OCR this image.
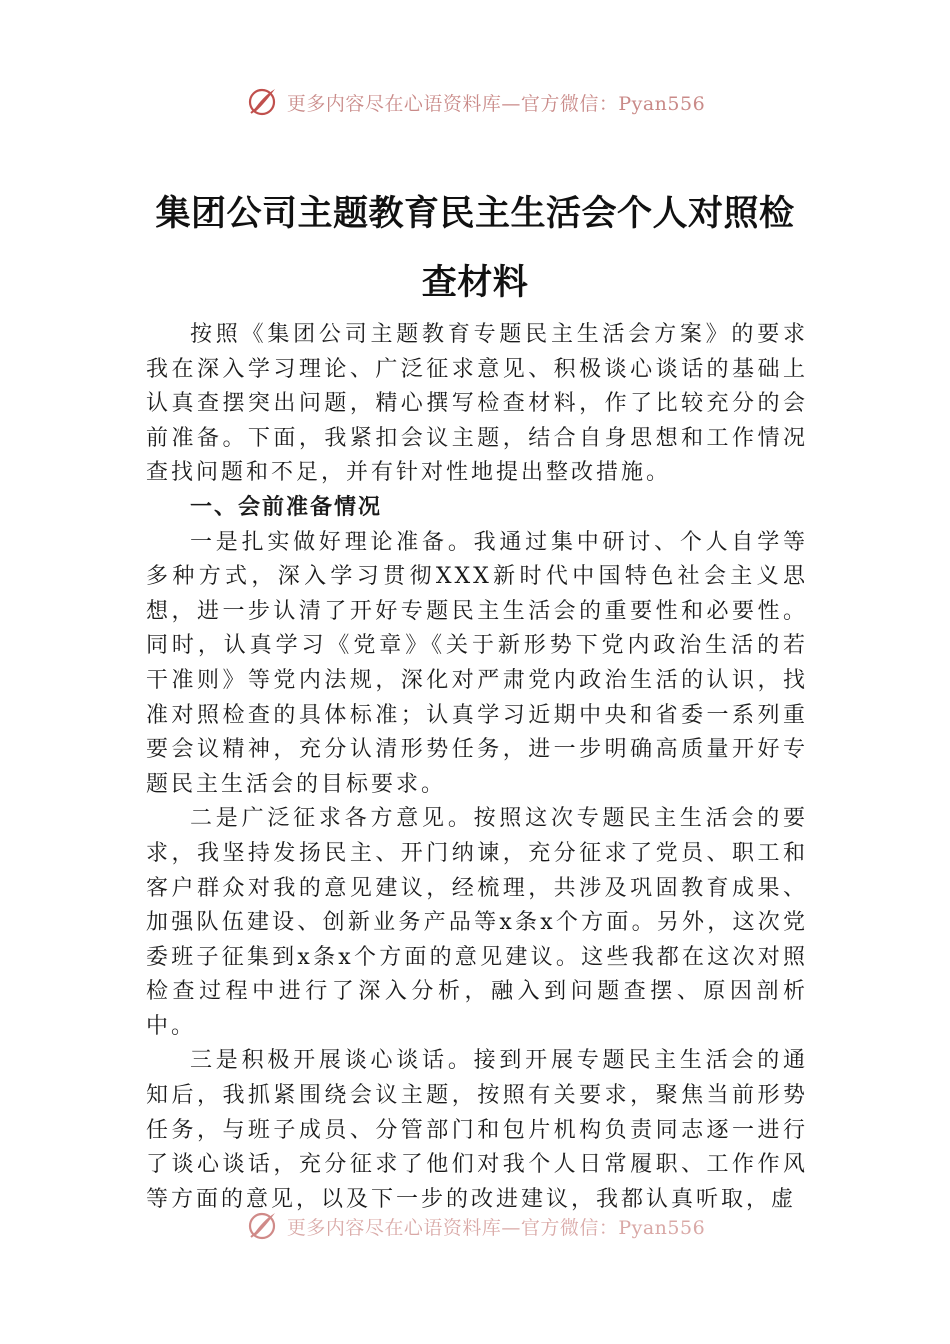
更多内容尽在心语资料库—官方微信：Pyan556
集团公司主题教育民主生活会个人对照检
查材料

按照《集团公司主题教育专题民主生活会方案》的要求我在深入学习理论、广泛征求意见、积极谈心谈话的基础上认真查摆突出问题，精心撰写检查材料，作了比较充分的会前准备。下面，我紧扣会议主题，结合自身思想和工作情况查找问题和不足，并有针对性地提出整改措施。

一、会前准备情况

一是扎实做好理论准备。我通过集中研讨、个人自学等多种方式，深入学习贯彻XXX新时代中国特色社会主义思想，进一步认清了开好专题民主生活会的重要性和必要性。同时，认真学习《党章》《关于新形势下党内政治生活的若干准则》等党内法规，深化对严肃党内政治生活的认识，找准对照检查的具体标准；认真学习近期中央和省委一系列重要会议精神，充分认清形势任务，进一步明确高质量开好专题民主生活会的目标要求。

二是广泛征求各方意见。按照这次专题民主生活会的要求，我坚持发扬民主、开门纳谏，充分征求了党员、职工和客户群众对我的意见建议，经梳理，共涉及巩固教育成果、加强队伍建设、创新业务产品等x条x个方面。另外，这次党委班子征集到x条x个方面的意见建议。这些我都在这次对照检查过程中进行了深入分析，融入到问题查摆、原因剖析中。

三是积极开展谈心谈话。接到开展专题民主生活会的通知后，我抓紧围绕会议主题，按照有关要求，聚焦当前形势任务，与班子成员、分管部门和包片机构负责同志逐一进行了谈心谈话，充分征求了他们对我个人日常履职、工作作风等方面的意见，以及下一步的改进建议，我都认真听取，虚

更多内容尽在心语资料库—官方微信：Pyan556
